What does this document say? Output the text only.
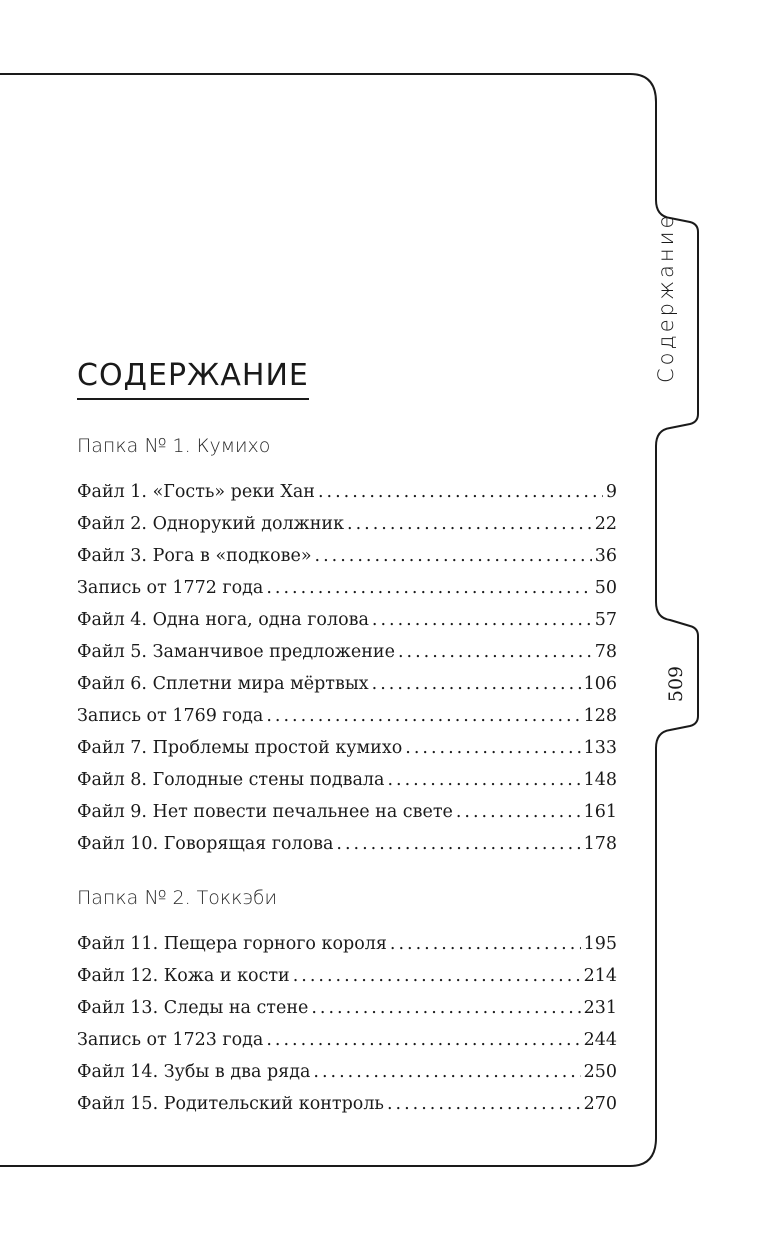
Содержание
509
СОДЕРЖАНИЕ
Папка № 1. Кумихо
Файл 1. «Гость» реки Хан .....	9
Файл 2. Однорукий должник .....	22
Файл 3. Рога в «подкове» .....	36
Запись от 1772 года .....	50
Файл 4. Одна нога, одна голова .....	57
Файл 5. Заманчивое предложение .....	78
Файл 6. Сплетни мира мёртвых .....	106
Запись от 1769 года .....	128
Файл 7. Проблемы простой кумихо .....	133
Файл 8. Голодные стены подвала .....	148
Файл 9. Нет повести печальнее на свете .....	161
Файл 10. Говорящая голова .....	178
Папка № 2. Токкэби
Файл 11. Пещера горного короля .....	195
Файл 12. Кожа и кости .....	214
Файл 13. Следы на стене .....	231
Запись от 1723 года .....	244
Файл 14. Зубы в два ряда .....	250
Файл 15. Родительский контроль .....	270
